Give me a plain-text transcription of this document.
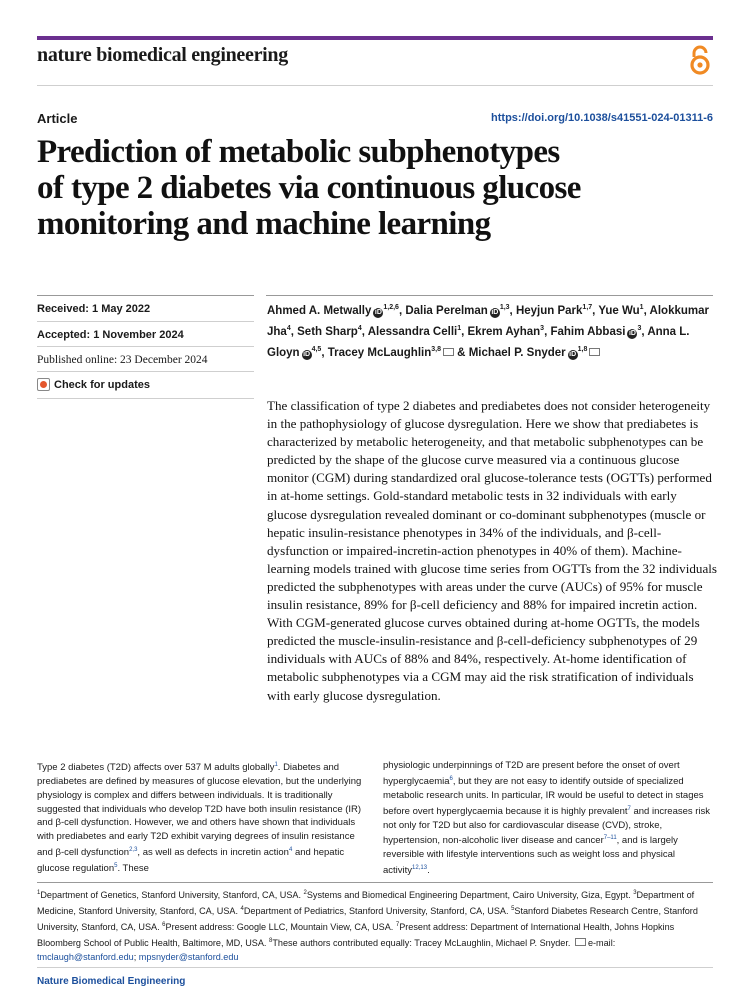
nature biomedical engineering
Article	https://doi.org/10.1038/s41551-024-01311-6
Prediction of metabolic subphenotypes
of type 2 diabetes via continuous glucose
monitoring and machine learning
Received: 1 May 2022
Accepted: 1 November 2024
Published online: 23 December 2024
Check for updates
Ahmed A. Metwally iD$^{1,2,6}$, Dalia Perelman iD$^{1,3}$, Heyjun Park$^{1,7}$, Yue Wu$^1$, Alokkumar Jha$^4$, Seth Sharp$^4$, Alessandra Celli$^1$, Ekrem Ayhan$^3$, Fahim Abbasi $iD^3$, Anna L. Gloyn iD$^{4,5}$, Tracey McLaughlin$^{3,8}$ & Michael P. Snyder iD$^{1,8}$
The classification of type 2 diabetes and prediabetes does not consider heterogeneity in the pathophysiology of glucose dysregulation. Here we show that prediabetes is characterized by metabolic heterogeneity, and that metabolic subphenotypes can be predicted by the shape of the glucose curve measured via a continuous glucose monitor (CGM) during standardized oral glucose-tolerance tests (OGTTs) performed in at-home settings. Gold-standard metabolic tests in 32 individuals with early glucose dysregulation revealed dominant or co-dominant subphenotypes (muscle or hepatic insulin-resistance phenotypes in 34% of the individuals, and β-cell-dysfunction or impaired-incretin-action phenotypes in 40% of them). Machine-learning models trained with glucose time series from OGTTs from the 32 individuals predicted the subphenotypes with areas under the curve (AUCs) of 95% for muscle insulin resistance, 89% for β-cell deficiency and 88% for impaired incretin action. With CGM-generated glucose curves obtained during at-home OGTTs, the models predicted the muscle-insulin-resistance and β-cell-deficiency subphenotypes of 29 individuals with AUCs of 88% and 84%, respectively. At-home identification of metabolic subphenotypes via a CGM may aid the risk stratification of individuals with early glucose dysregulation.
Type 2 diabetes (T2D) affects over 537 M adults globally$^1$. Diabetes and prediabetes are defined by measures of glucose elevation, but the underlying physiology is complex and differs between individuals. It is traditionally suggested that individuals who develop T2D have both insulin resistance (IR) and β-cell dysfunction. However, we and others have shown that individuals with prediabetes and early T2D exhibit varying degrees of insulin resistance and β-cell dysfunction$^{2,3}$, as well as defects in incretin action$^4$ and hepatic glucose regulation$^5$. These
physiologic underpinnings of T2D are present before the onset of overt hyperglycaemia$^6$, but they are not easy to identify outside of specialized metabolic research units. In particular, IR would be useful to detect in stages before overt hyperglycaemia because it is highly prevalent$^7$ and increases risk not only for T2D but also for cardiovascular disease (CVD), stroke, hypertension, non-alcoholic liver disease and cancer$^{7-11}$, and is largely reversible with lifestyle interventions such as weight loss and physical activity$^{12,13}$.
$^1$Department of Genetics, Stanford University, Stanford, CA, USA. $^2$Systems and Biomedical Engineering Department, Cairo University, Giza, Egypt. $^3$Department of Medicine, Stanford University, Stanford, CA, USA. $^4$Department of Pediatrics, Stanford University, Stanford, CA, USA. $^5$Stanford Diabetes Research Centre, Stanford University, Stanford, CA, USA. $^6$Present address: Google LLC, Mountain View, CA, USA. $^7$Present address: Department of International Health, Johns Hopkins Bloomberg School of Public Health, Baltimore, MD, USA. $^8$These authors contributed equally: Tracey McLaughlin, Michael P. Snyder. e-mail: tmclaugh@stanford.edu; mpsnyder@stanford.edu
Nature Biomedical Engineering
